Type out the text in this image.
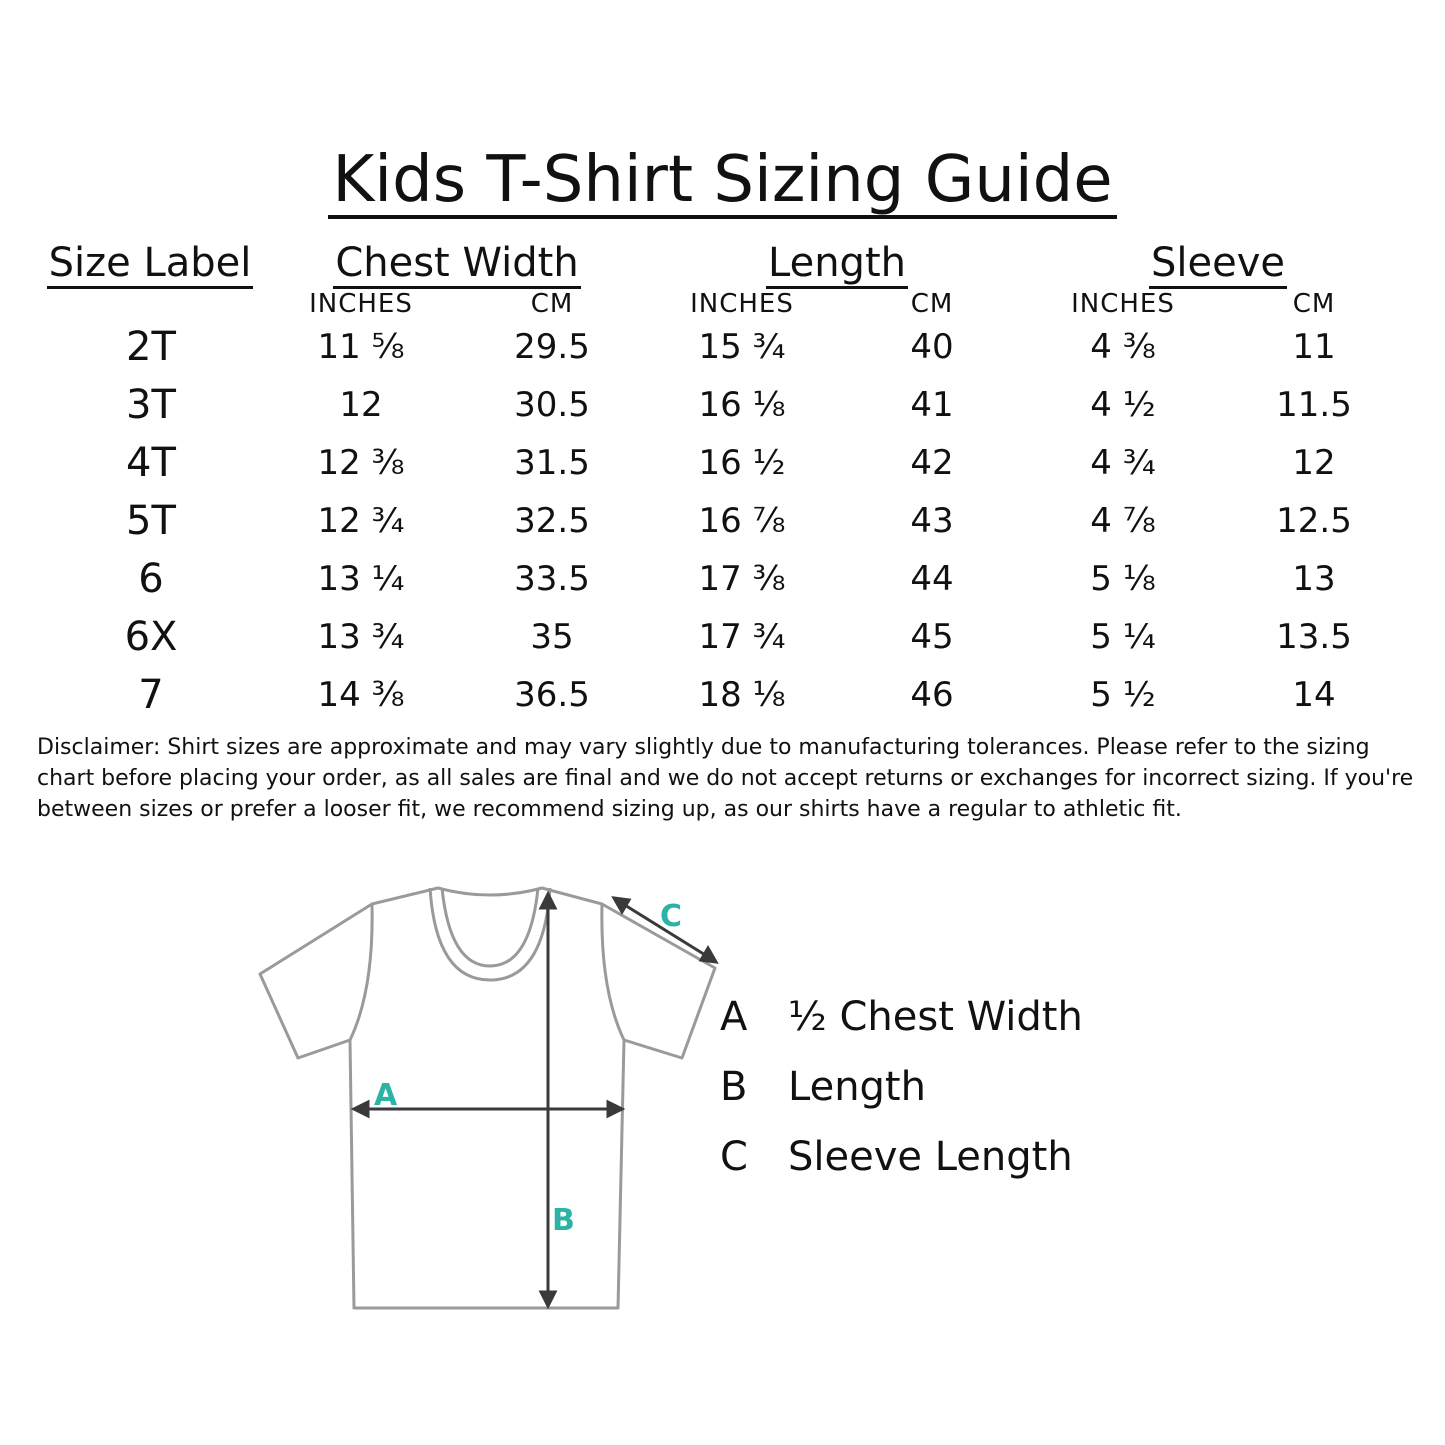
Kids T-Shirt Sizing Guide
Size Label Chest Width	Length	Sleeve
INCHES	CM	INCHES	CM	INCHES	CM
2T	11 ⅝	29.5	15 ¾	40	4 ⅜	11
3T	12	30.5	16 ⅛	41	4 ½	11.5
4T	12 ⅜	31.5	16 ½	42	4 ¾	12
5T	12 ¾	32.5	16 ⅞	43	4 ⅞	12.5
6	13 ¼	33.5	17 ⅜	44	5 ⅛	13
6X	13 ¾	35	17 ¾	45	5 ¼	13.5
7	14 ⅜	36.5	18 ⅛	46	5 ½	14
Disclaimer: Shirt sizes are approximate and may vary slightly due to manufacturing tolerances. Please refer to the sizing chart before placing your order, as all sales are final and we do not accept returns or exchanges for incorrect sizing. If you're between sizes or prefer a looser fit, we recommend sizing up, as our shirts have a regular to athletic fit.
A
B
C
A	½ Chest Width
B	Length
C	Sleeve Length
